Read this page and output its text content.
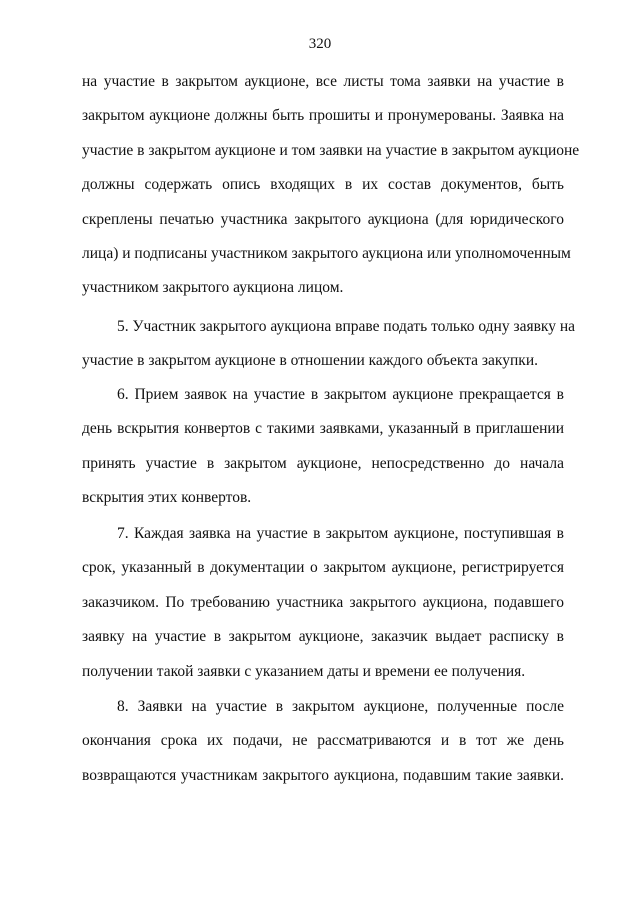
320

на участие в закрытом аукционе, все листы тома заявки на участие в
закрытом аукционе должны быть прошиты и пронумерованы. Заявка на
участие в закрытом аукционе и том заявки на участие в закрытом аукционе
должны содержать опись входящих в их состав документов, быть
скреплены печатью участника закрытого аукциона (для юридического
лица) и подписаны участником закрытого аукциона или уполномоченным
участником закрытого аукциона лицом.

5. Участник закрытого аукциона вправе подать только одну заявку на
участие в закрытом аукционе в отношении каждого объекта закупки.

6. Прием заявок на участие в закрытом аукционе прекращается в
день вскрытия конвертов с такими заявками, указанный в приглашении
принять участие в закрытом аукционе, непосредственно до начала
вскрытия этих конвертов.

7. Каждая заявка на участие в закрытом аукционе, поступившая в
срок, указанный в документации о закрытом аукционе, регистрируется
заказчиком. По требованию участника закрытого аукциона, подавшего
заявку на участие в закрытом аукционе, заказчик выдает расписку в
получении такой заявки с указанием даты и времени ее получения.

8. Заявки на участие в закрытом аукционе, полученные после
окончания срока их подачи, не рассматриваются и в тот же день
возвращаются участникам закрытого аукциона, подавшим такие заявки.
